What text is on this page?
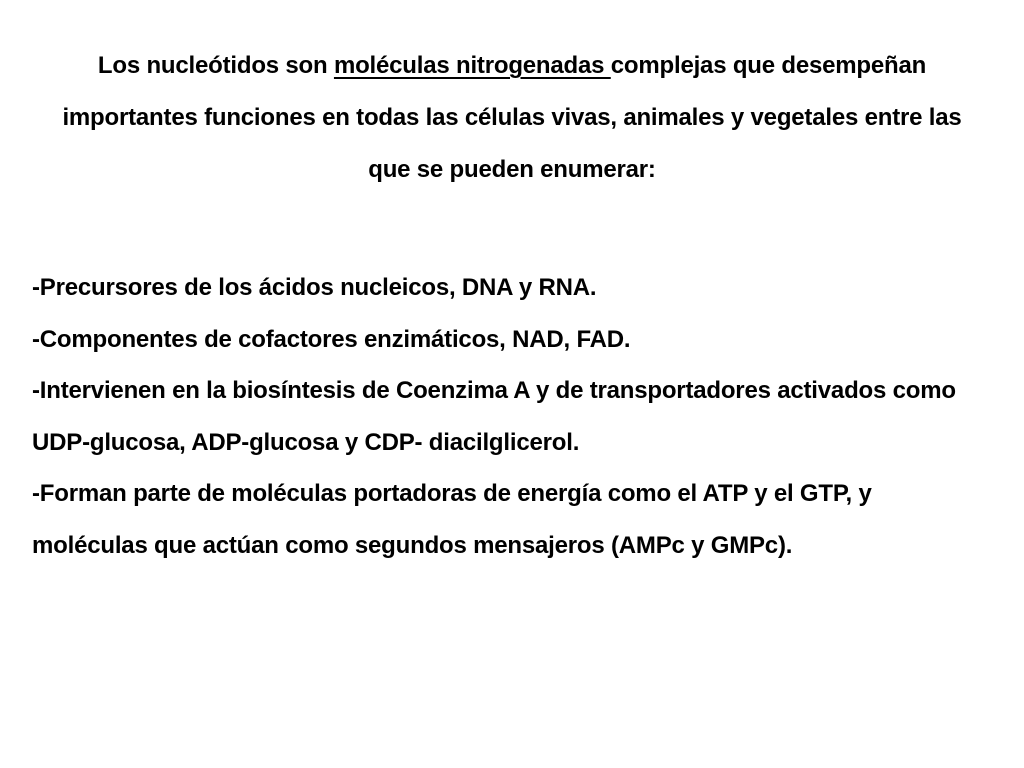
Los nucleótidos son moléculas nitrogenadas complejas que desempeñan importantes funciones en todas las células vivas, animales y vegetales entre las que se pueden enumerar:

-Precursores de los ácidos nucleicos, DNA y RNA.

-Componentes de cofactores enzimáticos, NAD, FAD.

-Intervienen en la biosíntesis de Coenzima A y de transportadores activados como UDP-glucosa, ADP-glucosa y CDP- diacilglicerol.

-Forman parte de moléculas portadoras de energía como el ATP y el GTP, y moléculas que actúan como segundos mensajeros (AMPc y GMPc).
